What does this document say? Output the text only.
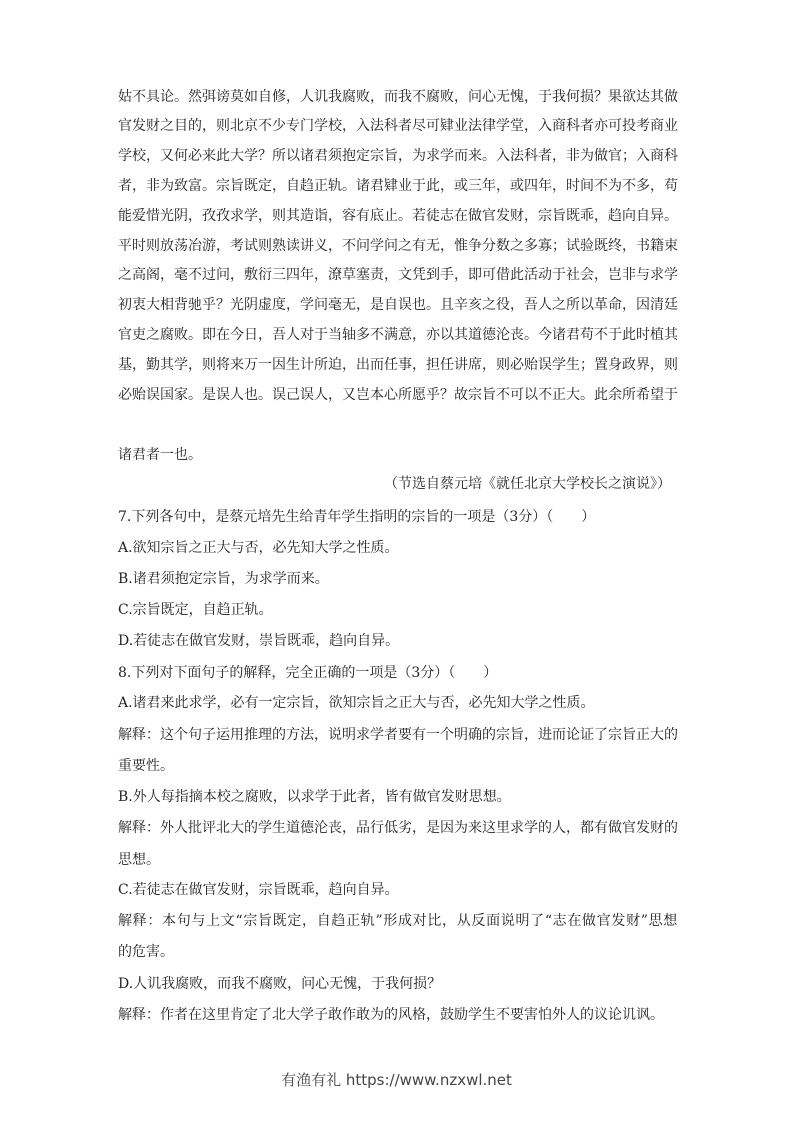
姑不具论。然弭谤莫如自修，人讥我腐败，而我不腐败，问心无愧，于我何损？果欲达其做
官发财之目的，则北京不少专门学校，入法科者尽可肄业法律学堂，入商科者亦可投考商业
学校，又何必来此大学？所以诸君须抱定宗旨，为求学而来。入法科者，非为做官；入商科
者，非为致富。宗旨既定，自趋正轨。诸君肄业于此，或三年，或四年，时间不为不多，苟
能爱惜光阴，孜孜求学，则其造诣，容有底止。若徒志在做官发财，宗旨既乖，趋向自异。
平时则放荡冶游，考试则熟读讲义，不问学问之有无，惟争分数之多寡；试验既终，书籍束
之高阁，毫不过问，敷衍三四年，潦草塞责，文凭到手，即可借此活动于社会，岂非与求学
初衷大相背驰乎？光阴虚度，学问毫无，是自误也。且辛亥之役，吾人之所以革命，因清廷
官吏之腐败。即在今日，吾人对于当轴多不满意，亦以其道德沦丧。今诸君苟不于此时植其
基，勤其学，则将来万一因生计所迫，出而任事，担任讲席，则必贻误学生；置身政界，则
必贻误国家。是误人也。误己误人，又岂本心所愿乎？故宗旨不可以不正大。此余所希望于
诸君者一也。
（节选自蔡元培《就任北京大学校长之演说》）
7.下列各句中，是蔡元培先生给青年学生指明的宗旨的一项是（3分）（　　）
A.欲知宗旨之正大与否，必先知大学之性质。
B.诸君须抱定宗旨，为求学而来。
C.宗旨既定，自趋正轨。
D.若徒志在做官发财，崇旨既乖，趋向自异。
8.下列对下面句子的解释，完全正确的一项是（3分）（　　）
A.诸君来此求学，必有一定宗旨，欲知宗旨之正大与否，必先知大学之性质。
解释：这个句子运用推理的方法，说明求学者要有一个明确的宗旨，进而论证了宗旨正大的
重要性。
B.外人每指摘本校之腐败，以求学于此者，皆有做官发财思想。
解释：外人批评北大的学生道德沦丧，品行低劣，是因为来这里求学的人，都有做官发财的
思想。
C.若徒志在做官发财，宗旨既乖，趋向自异。
解释：本句与上文“宗旨既定，自趋正轨”形成对比，从反面说明了“志在做官发财”思想
的危害。
D.人讥我腐败，而我不腐败，问心无愧，于我何损？
解释：作者在这里肯定了北大学子敢作敢为的风格，鼓励学生不要害怕外人的议论讥讽。
有渔有礼 https://www.nzxwl.net
